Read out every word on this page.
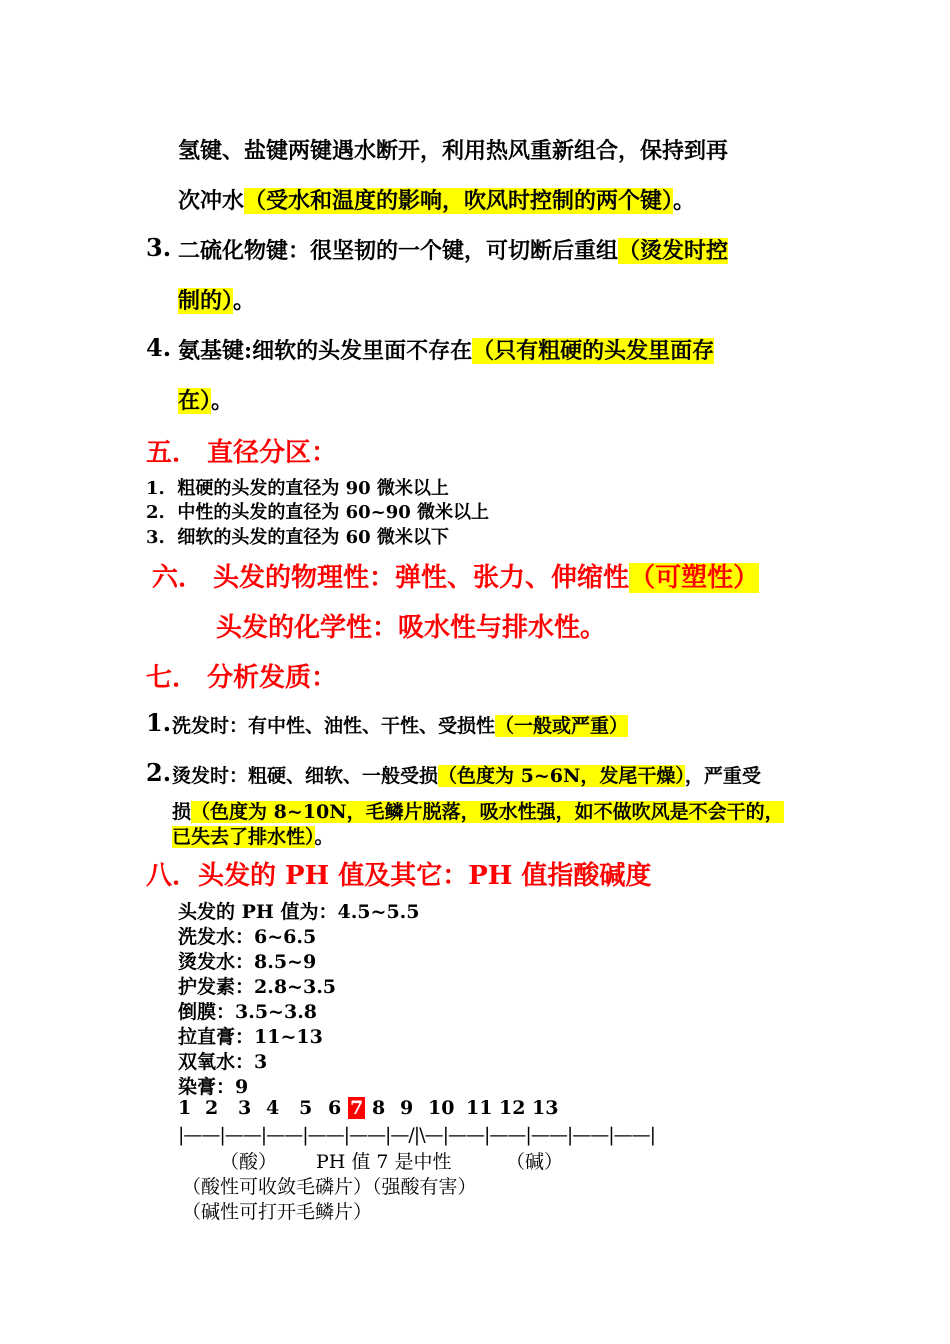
氢键、盐键两键遇水断开，利用热风重新组合，保持到再
次冲水（受水和温度的影响，吹风时控制的两个键）。
3. 二硫化物键：很坚韧的一个键，可切断后重组（烫发时控
制的）。
4. 氨基键:细软的头发里面不存在（只有粗硬的头发里面存
在）。
五． 直径分区：
1. 粗硬的头发的直径为 90 微米以上
2. 中性的头发的直径为 60~90 微米以上
3. 细软的头发的直径为 60 微米以下
六． 头发的物理性：弹性、张力、伸缩性（可塑性）
头发的化学性：吸水性与排水性。
七． 分析发质：
1. 洗发时：有中性、油性、干性、受损性（一般或严重）
2. 烫发时：粗硬、细软、一般受损（色度为 5~6N，发尾干燥），严重受
损（色度为 8~10N，毛鳞片脱落，吸水性强，如不做吹风是不会干的，
已失去了排水性）。
八．头发的 PH 值及其它：PH 值指酸碱度
头发的 PH 值为：4.5~5.5
洗发水：6~6.5
烫发水：8.5~9
护发素：2.8~3.5
倒膜：3.5~3.8
拉直膏：11~13
双氧水：3
染膏：9
1 2 3 4 5 6 7 8 9 10 11 12 13
|——|——|——|——|——|—/|\—|——|——|——|——|——|
（酸） PH 值 7 是中性	（碱）
（酸性可收敛毛磷片）（强酸有害）
（碱性可打开毛鳞片）
